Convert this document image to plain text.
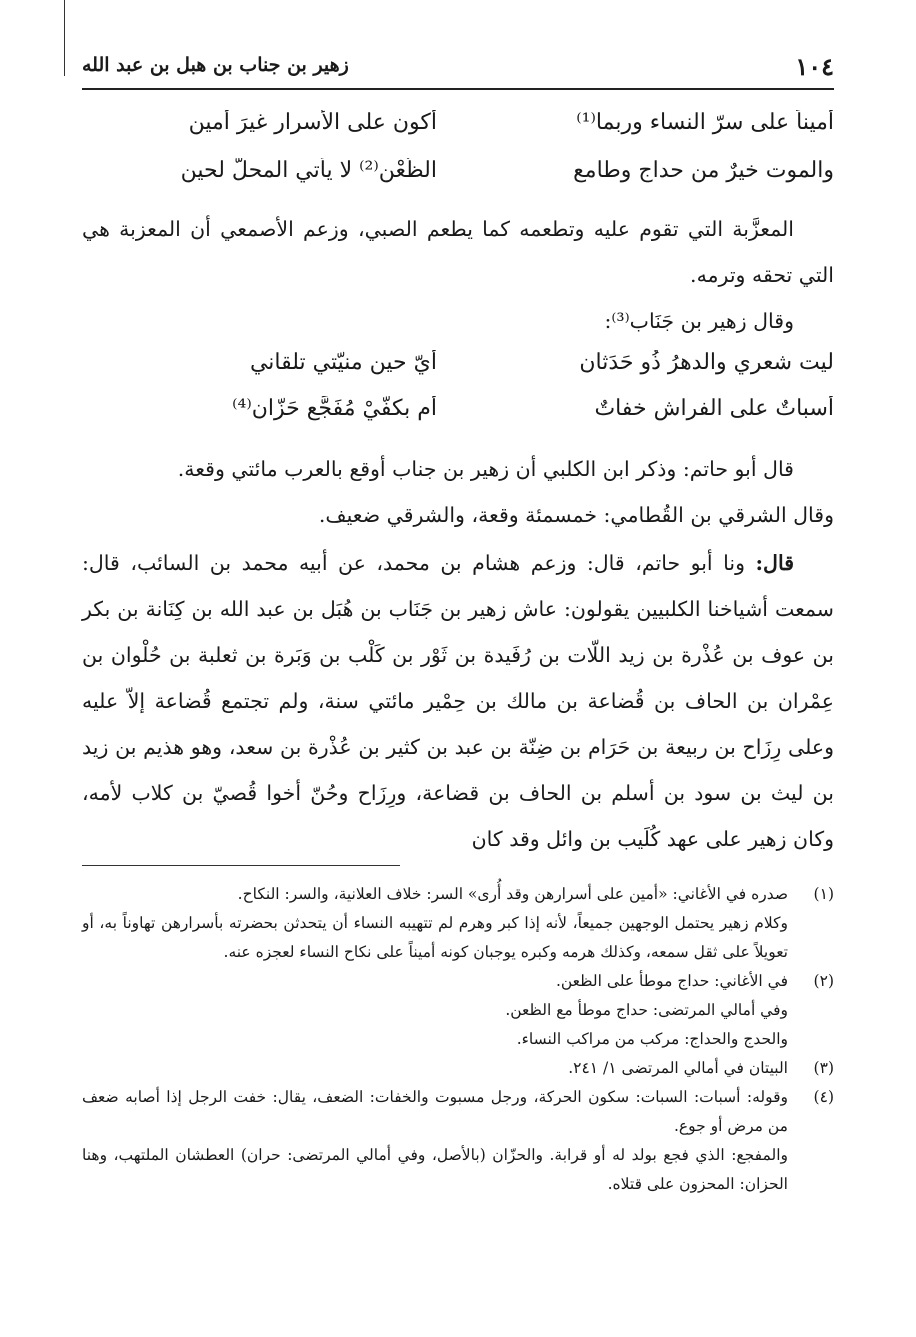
١٠٤
زهير بن جناب بن هبل بن عبد الله
أميناً على سرّ النساء وربما⁽¹⁾
أكون على الأسرار غيرَ أمينِ
والموت خيرٌ من حداجٍ وطامعٍ
الظَّعْنِ⁽²⁾ لا يأتي المحلّ لحينِ

المعزَّبة التي تقوم عليه وتطعمه كما يطعم الصبي، وزعم الأصمعي أن المعزبة هي التي تحقه وترمه.

وقال زهير بن جَنَاب⁽³⁾:

ليت شعري والدهرُ ذُو حَدَثان
أيّ حينِ منيّتي تلقاني
أسباتٌ على الفراش خفاتٌ
أم بكفَّيْ مُفَجَّعٍ حَزّان⁽⁴⁾

قال أبو حاتم: وذكر ابن الكلبي أن زهير بن جناب أوقع بالعرب مائتي وقعة.

وقال الشرقي بن القُطامي: خمسمئة وقعة، والشرقي ضعيف.

قال: ونا أبو حاتم، قال: وزعم هشام بن محمد، عن أبيه محمد بن السائب، قال: سمعت أشياخنا الكلبيين يقولون: عاش زهير بن جَنَاب بن هُبَل بن عبد الله بن كِنَانة بن بكر بن عوف بن عُذْرة بن زيد اللّات بن رُفَيدة بن ثَوْر بن كَلْب بن وَبَرة بن ثعلبة بن حُلْوان بن عِمْران بن الحاف بن قُضاعة بن مالك بن حِمْير مائتي سنة، ولم تجتمع قُضاعة إلاّ عليه وعلى رِزَاح بن ربيعة بن حَرَام بن ضِنّة بن عبد بن كثير بن عُذْرة بن سعد، وهو هذيم بن زيد بن ليث بن سود بن أسلم بن الحاف بن قضاعة، ورِزَاح وحُنّ أخوا قُصيّ بن كلاب لأمه، وكان زهير على عهد كُلَيب بن وائل وقد كان

(١)

صدره في الأغاني: «أمين على أسرارهن وقد أُرى» السر: خلاف العلانية، والسر: النكاح.

وكلام زهير يحتمل الوجهين جميعاً، لأنه إذا كبر وهرم لم تتهيبه النساء أن يتحدثن بحضرته بأسرارهن تهاوناً به، أو تعويلاً على ثقل سمعه، وكذلك هرمه وكبره يوجبان كونه أميناً على نكاح النساء لعجزه عنه.

(٢)

في الأغاني: حداج موطأ على الظعن.

وفي أمالي المرتضى: حداج موطأ مع الظعن.

والحدج والحداج: مركب من مراكب النساء.

(٣)

البيتان في أمالي المرتضى ١/ ٢٤١.

(٤)

وقوله: أسبات: السبات: سكون الحركة، ورجل مسبوت والخفات: الضعف، يقال: خفت الرجل إذا أصابه ضعف من مرض أو جوع.

والمفجع: الذي فجع بولد له أو قرابة. والحزّان (بالأصل، وفي أمالي المرتضى: حران) العطشان الملتهب، وهنا الحزان: المحزون على قتلاه.
